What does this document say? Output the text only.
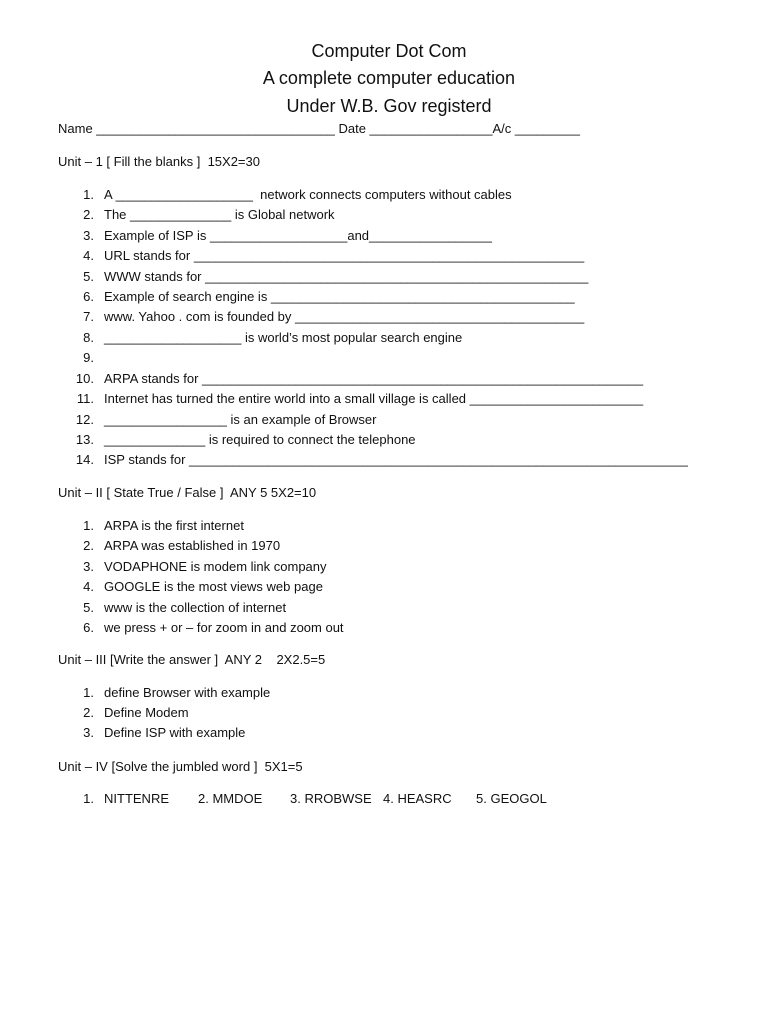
Computer Dot Com
A complete computer education
Under W.B. Gov registerd
Name _________________________________ Date _________________A/c _________
Unit – 1 [ Fill the blanks ]  15X2=30
1. A ___________________  network connects computers without cables
2. The ______________ is Global network
3. Example of ISP is ___________________and_________________
4. URL stands for ______________________________________________________
5. WWW stands for _____________________________________________________
6. Example of search engine is __________________________________________
7. www. Yahoo . com is founded by ________________________________________
8. ___________________ is world’s most popular search engine
9.
10. ARPA stands for _____________________________________________________________
11. Internet has turned the entire world into a small village is called ________________________
12. _________________ is an example of Browser
13. ______________ is required to connect the telephone
14. ISP stands for _____________________________________________________________________
Unit – II [ State True / False ]  ANY 5 5X2=10
1. ARPA is the first internet
2. ARPA was established in 1970
3. VODAPHONE is modem link company
4. GOOGLE is the most views web page
5. www is the collection of internet
6. we press + or – for zoom in and zoom out
Unit – III [Write the answer ]  ANY 2    2X2.5=5
1. define Browser with example
2. Define Modem
3. Define ISP with example
Unit – IV [Solve the jumbled word ]  5X1=5
1. NITTENRE 2. MMDOE 3. RROBWSE 4. HEASRC 5. GEOGOL
